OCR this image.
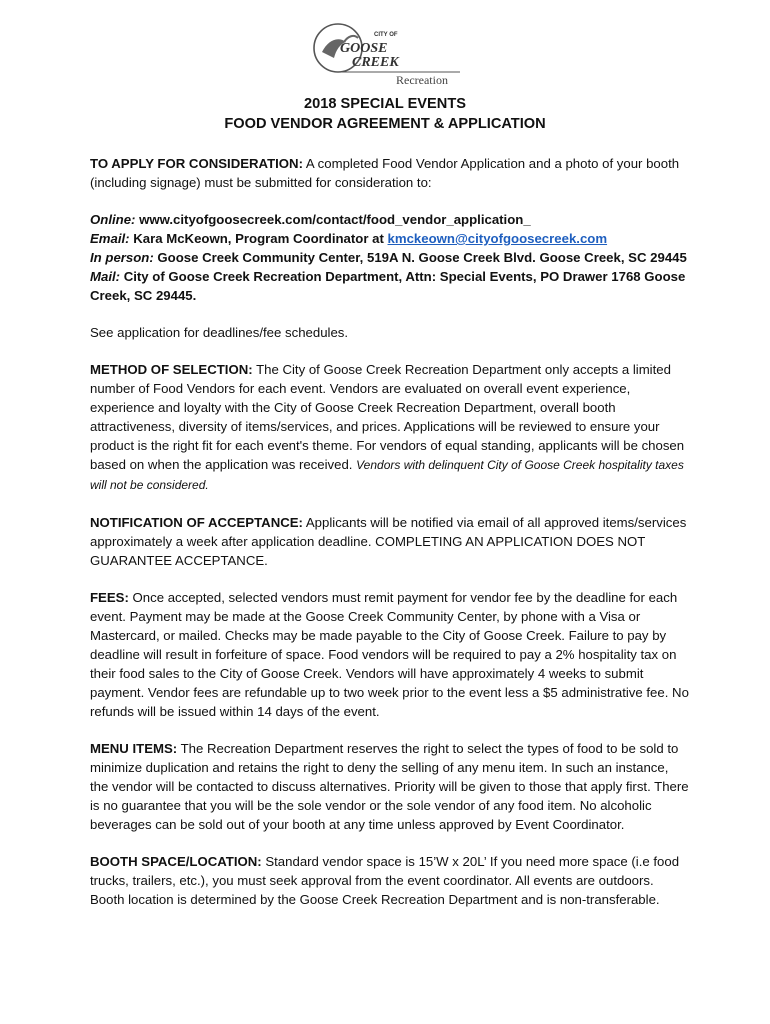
CITY OF
GOOSE
CREEK
Recreation
2018 SPECIAL EVENTS
FOOD VENDOR AGREEMENT & APPLICATION

TO APPLY FOR CONSIDERATION: A completed Food Vendor Application and a photo of your booth (including signage) must be submitted for consideration to:

Online: www.cityofgoosecreek.com/contact/food_vendor_application_
Email: Kara McKeown, Program Coordinator at kmckeown@cityofgoosecreek.com
In person: Goose Creek Community Center, 519A N. Goose Creek Blvd. Goose Creek, SC 29445
Mail: City of Goose Creek Recreation Department, Attn: Special Events, PO Drawer 1768 Goose Creek, SC 29445.

See application for deadlines/fee schedules.

METHOD OF SELECTION: The City of Goose Creek Recreation Department only accepts a limited number of Food Vendors for each event. Vendors are evaluated on overall event experience, experience and loyalty with the City of Goose Creek Recreation Department, overall booth attractiveness, diversity of items/services, and prices. Applications will be reviewed to ensure your product is the right fit for each event's theme. For vendors of equal standing, applicants will be chosen based on when the application was received. Vendors with delinquent City of Goose Creek hospitality taxes will not be considered.

NOTIFICATION OF ACCEPTANCE: Applicants will be notified via email of all approved items/services approximately a week after application deadline. COMPLETING AN APPLICATION DOES NOT GUARANTEE ACCEPTANCE.

FEES: Once accepted, selected vendors must remit payment for vendor fee by the deadline for each event. Payment may be made at the Goose Creek Community Center, by phone with a Visa or Mastercard, or mailed. Checks may be made payable to the City of Goose Creek. Failure to pay by deadline will result in forfeiture of space. Food vendors will be required to pay a 2% hospitality tax on their food sales to the City of Goose Creek. Vendors will have approximately 4 weeks to submit payment. Vendor fees are refundable up to two week prior to the event less a $5 administrative fee. No refunds will be issued within 14 days of the event.

MENU ITEMS: The Recreation Department reserves the right to select the types of food to be sold to minimize duplication and retains the right to deny the selling of any menu item. In such an instance, the vendor will be contacted to discuss alternatives. Priority will be given to those that apply first. There is no guarantee that you will be the sole vendor or the sole vendor of any food item. No alcoholic beverages can be sold out of your booth at any time unless approved by Event Coordinator.

BOOTH SPACE/LOCATION: Standard vendor space is 15’W x 20L’ If you need more space (i.e food trucks, trailers, etc.), you must seek approval from the event coordinator. All events are outdoors. Booth location is determined by the Goose Creek Recreation Department and is non-transferable.
